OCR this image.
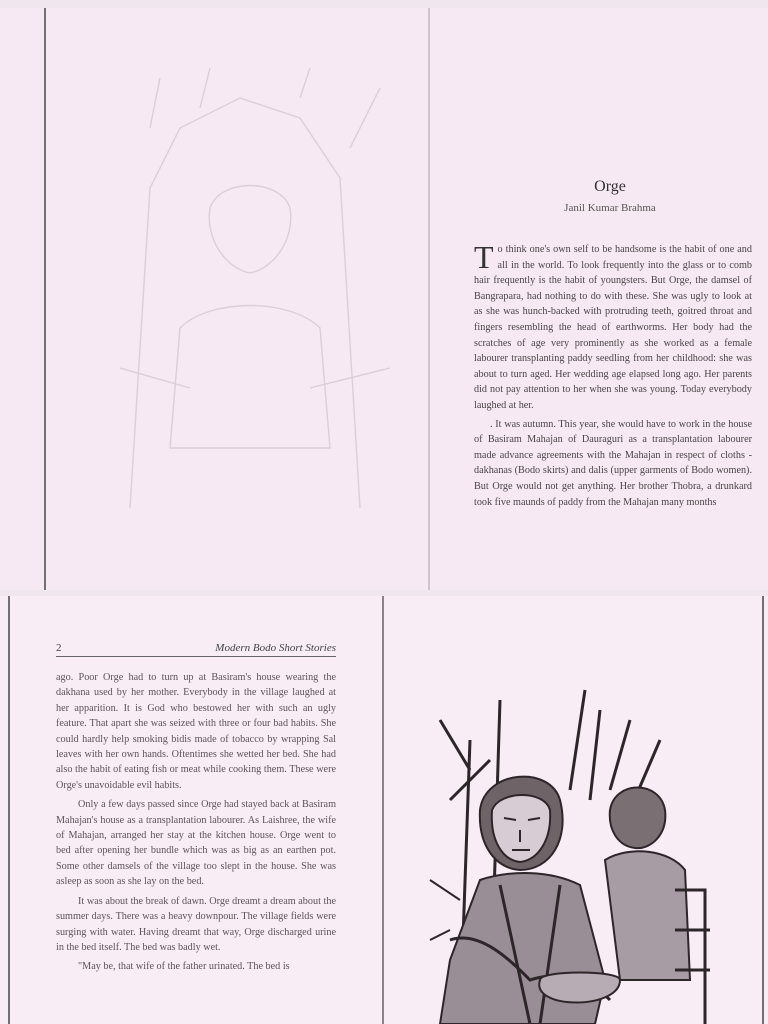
Orge
Janil Kumar Brahma

To think one's own self to be handsome is the habit of one and all in the world. To look frequently into the glass or to comb hair frequently is the habit of youngsters. But Orge, the damsel of Bangrapara, had nothing to do with these. She was ugly to look at as she was hunch-backed with protruding teeth, goitred throat and fingers resembling the head of earthworms. Her body had the scratches of age very prominently as she worked as a female labourer transplanting paddy seedling from her childhood: she was about to turn aged. Her wedding age elapsed long ago. Her parents did not pay attention to her when she was young. Today everybody laughed at her.

. It was autumn. This year, she would have to work in the house of Basiram Mahajan of Dauraguri as a transplantation labourer made advance agreements with the Mahajan in respect of cloths - dakhanas (Bodo skirts) and dalis (upper garments of Bodo women). But Orge would not get anything. Her brother Thobra, a drunkard took five maunds of paddy from the Mahajan many months

2	Modern Bodo Short Stories

ago. Poor Orge had to turn up at Basiram's house wearing the dakhana used by her mother. Everybody in the village laughed at her apparition. It is God who bestowed her with such an ugly feature. That apart she was seized with three or four bad habits. She could hardly help smoking bidis made of tobacco by wrapping Sal leaves with her own hands. Oftentimes she wetted her bed. She had also the habit of eating fish or meat while cooking them. These were Orge's unavoidable evil habits.

Only a few days passed since Orge had stayed back at Basiram Mahajan's house as a transplantation labourer. As Laishree, the wife of Mahajan, arranged her stay at the kitchen house. Orge went to bed after opening her bundle which was as big as an earthen pot. Some other damsels of the village too slept in the house. She was asleep as soon as she lay on the bed.

It was about the break of dawn. Orge dreamt a dream about the summer days. There was a heavy downpour. The village fields were surging with water. Having dreamt that way, Orge discharged urine in the bed itself. The bed was badly wet.

"May be, that wife of the father urinated. The bed is
